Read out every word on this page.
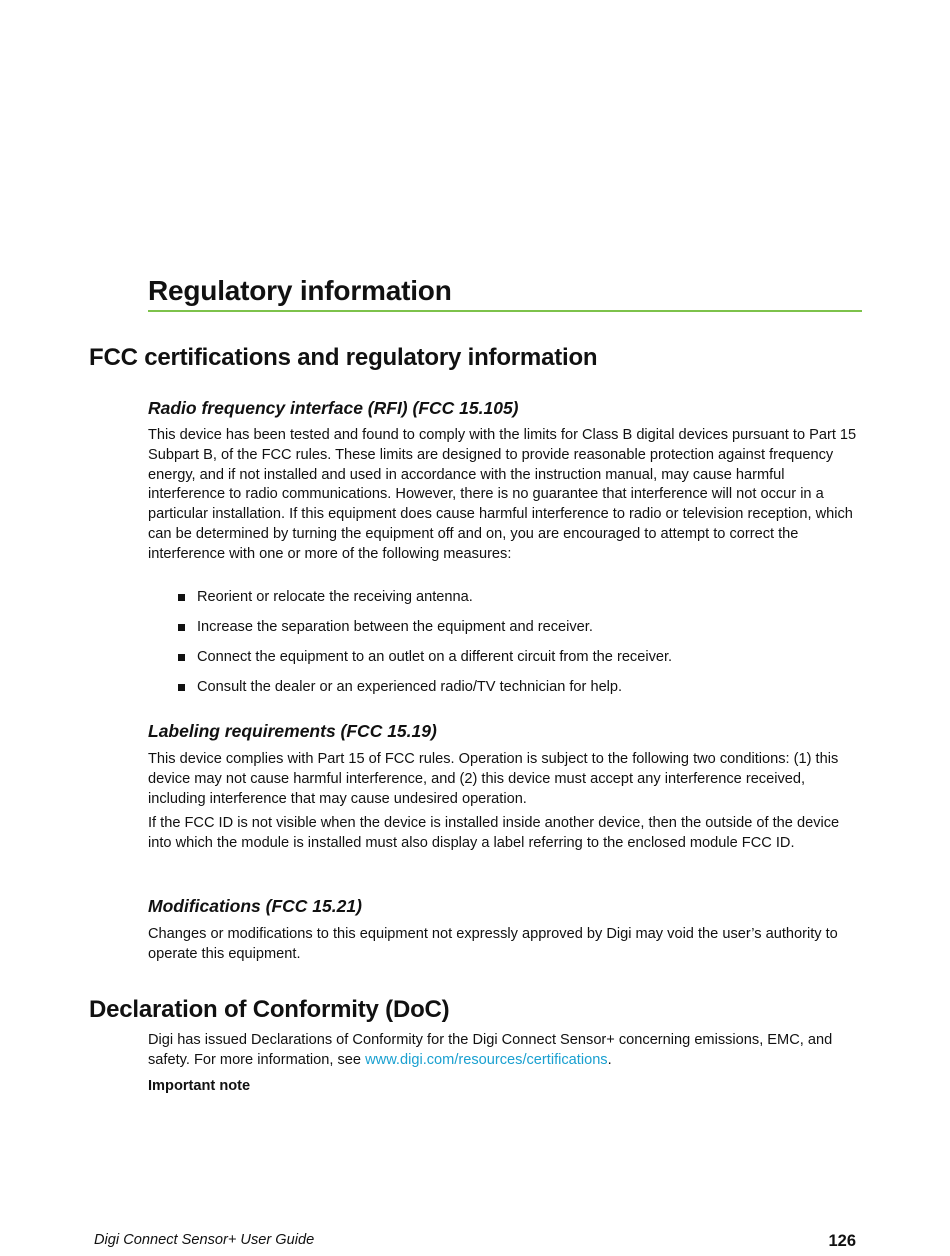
Regulatory information
FCC certifications and regulatory information
Radio frequency interface (RFI) (FCC 15.105)

This device has been tested and found to comply with the limits for Class B digital devices pursuant to Part 15 Subpart B, of the FCC rules. These limits are designed to provide reasonable protection against frequency energy, and if not installed and used in accordance with the instruction manual, may cause harmful interference to radio communications. However, there is no guarantee that interference will not occur in a particular installation. If this equipment does cause harmful interference to radio or television reception, which can be determined by turning the equipment off and on, you are encouraged to attempt to correct the interference with one or more of the following measures:

Reorient or relocate the receiving antenna.
Increase the separation between the equipment and receiver.
Connect the equipment to an outlet on a different circuit from the receiver.
Consult the dealer or an experienced radio/TV technician for help.
Labeling requirements (FCC 15.19)

This device complies with Part 15 of FCC rules. Operation is subject to the following two conditions: (1) this device may not cause harmful interference, and (2) this device must accept any interference received, including interference that may cause undesired operation.

If the FCC ID is not visible when the device is installed inside another device, then the outside of the device into which the module is installed must also display a label referring to the enclosed module FCC ID.

Modifications (FCC 15.21)

Changes or modifications to this equipment not expressly approved by Digi may void the user’s authority to operate this equipment.

Declaration of Conformity (DoC)

Digi has issued Declarations of Conformity for the Digi Connect Sensor+ concerning emissions, EMC, and safety. For more information, see www.digi.com/resources/certifications.

Important note

Digi Connect Sensor+ User Guide	126
